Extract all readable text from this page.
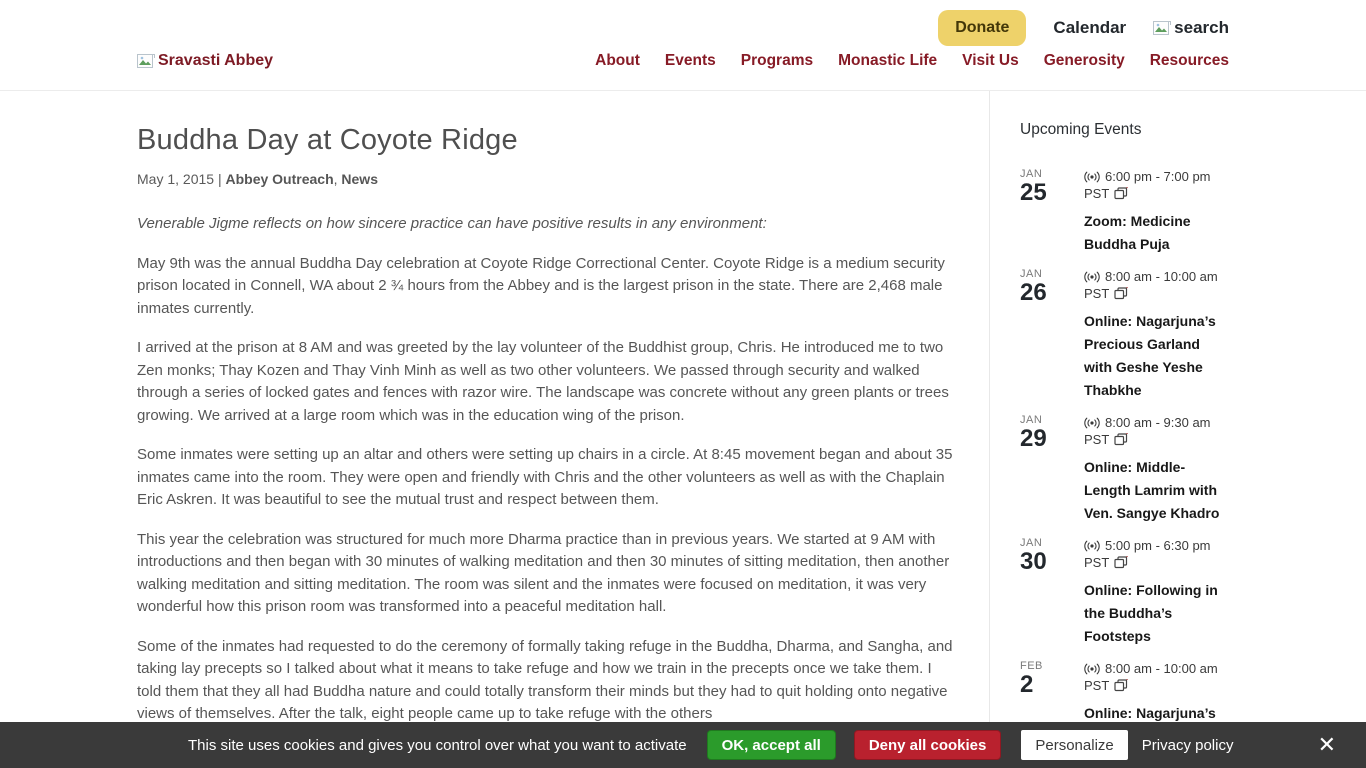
Donate	Calendar	search
Sravasti Abbey	About Events Programs Monastic Life Visit Us Generosity Resources
Buddha Day at Coyote Ridge
May 1, 2015 | Abbey Outreach, News

Venerable Jigme reflects on how sincere practice can have positive results in any environment:

May 9th was the annual Buddha Day celebration at Coyote Ridge Correctional Center. Coyote Ridge is a medium security prison located in Connell, WA about 2 ¾ hours from the Abbey and is the largest prison in the state. There are 2,468 male inmates currently.

I arrived at the prison at 8 AM and was greeted by the lay volunteer of the Buddhist group, Chris. He introduced me to two Zen monks; Thay Kozen and Thay Vinh Minh as well as two other volunteers. We passed through security and walked through a series of locked gates and fences with razor wire. The landscape was concrete without any green plants or trees growing. We arrived at a large room which was in the education wing of the prison.

Some inmates were setting up an altar and others were setting up chairs in a circle. At 8:45 movement began and about 35 inmates came into the room. They were open and friendly with Chris and the other volunteers as well as with the Chaplain Eric Askren. It was beautiful to see the mutual trust and respect between them.

This year the celebration was structured for much more Dharma practice than in previous years. We started at 9 AM with introductions and then began with 30 minutes of walking meditation and then 30 minutes of sitting meditation, then another walking meditation and sitting meditation. The room was silent and the inmates were focused on meditation, it was very wonderful how this prison room was transformed into a peaceful meditation hall.

Some of the inmates had requested to do the ceremony of formally taking refuge in the Buddha, Dharma, and Sangha, and taking lay precepts so I talked about what it means to take refuge and how we train in the precepts once we take them. I told them that they all had Buddha nature and could totally transform their minds but they had to quit holding onto negative views of themselves. After the talk, eight people came up to take refuge with the others

Upcoming Events
JAN
25
6:00 pm - 7:00 pm
PST
Zoom: Medicine Buddha Puja
JAN
26
8:00 am - 10:00 am
PST
Online: Nagarjuna’s Precious Garland with Geshe Yeshe Thabkhe
JAN
29
8:00 am - 9:30 am
PST
Online: Middle-Length Lamrim with Ven. Sangye Khadro
JAN
30
5:00 pm - 6:30 pm
PST
Online: Following in the Buddha’s Footsteps
FEB
2
8:00 am - 10:00 am
PST
Online: Nagarjuna’s
This site uses cookies and gives you control over what you want to activate	OK, accept all	Deny all cookies	Personalize	Privacy policy	✕
